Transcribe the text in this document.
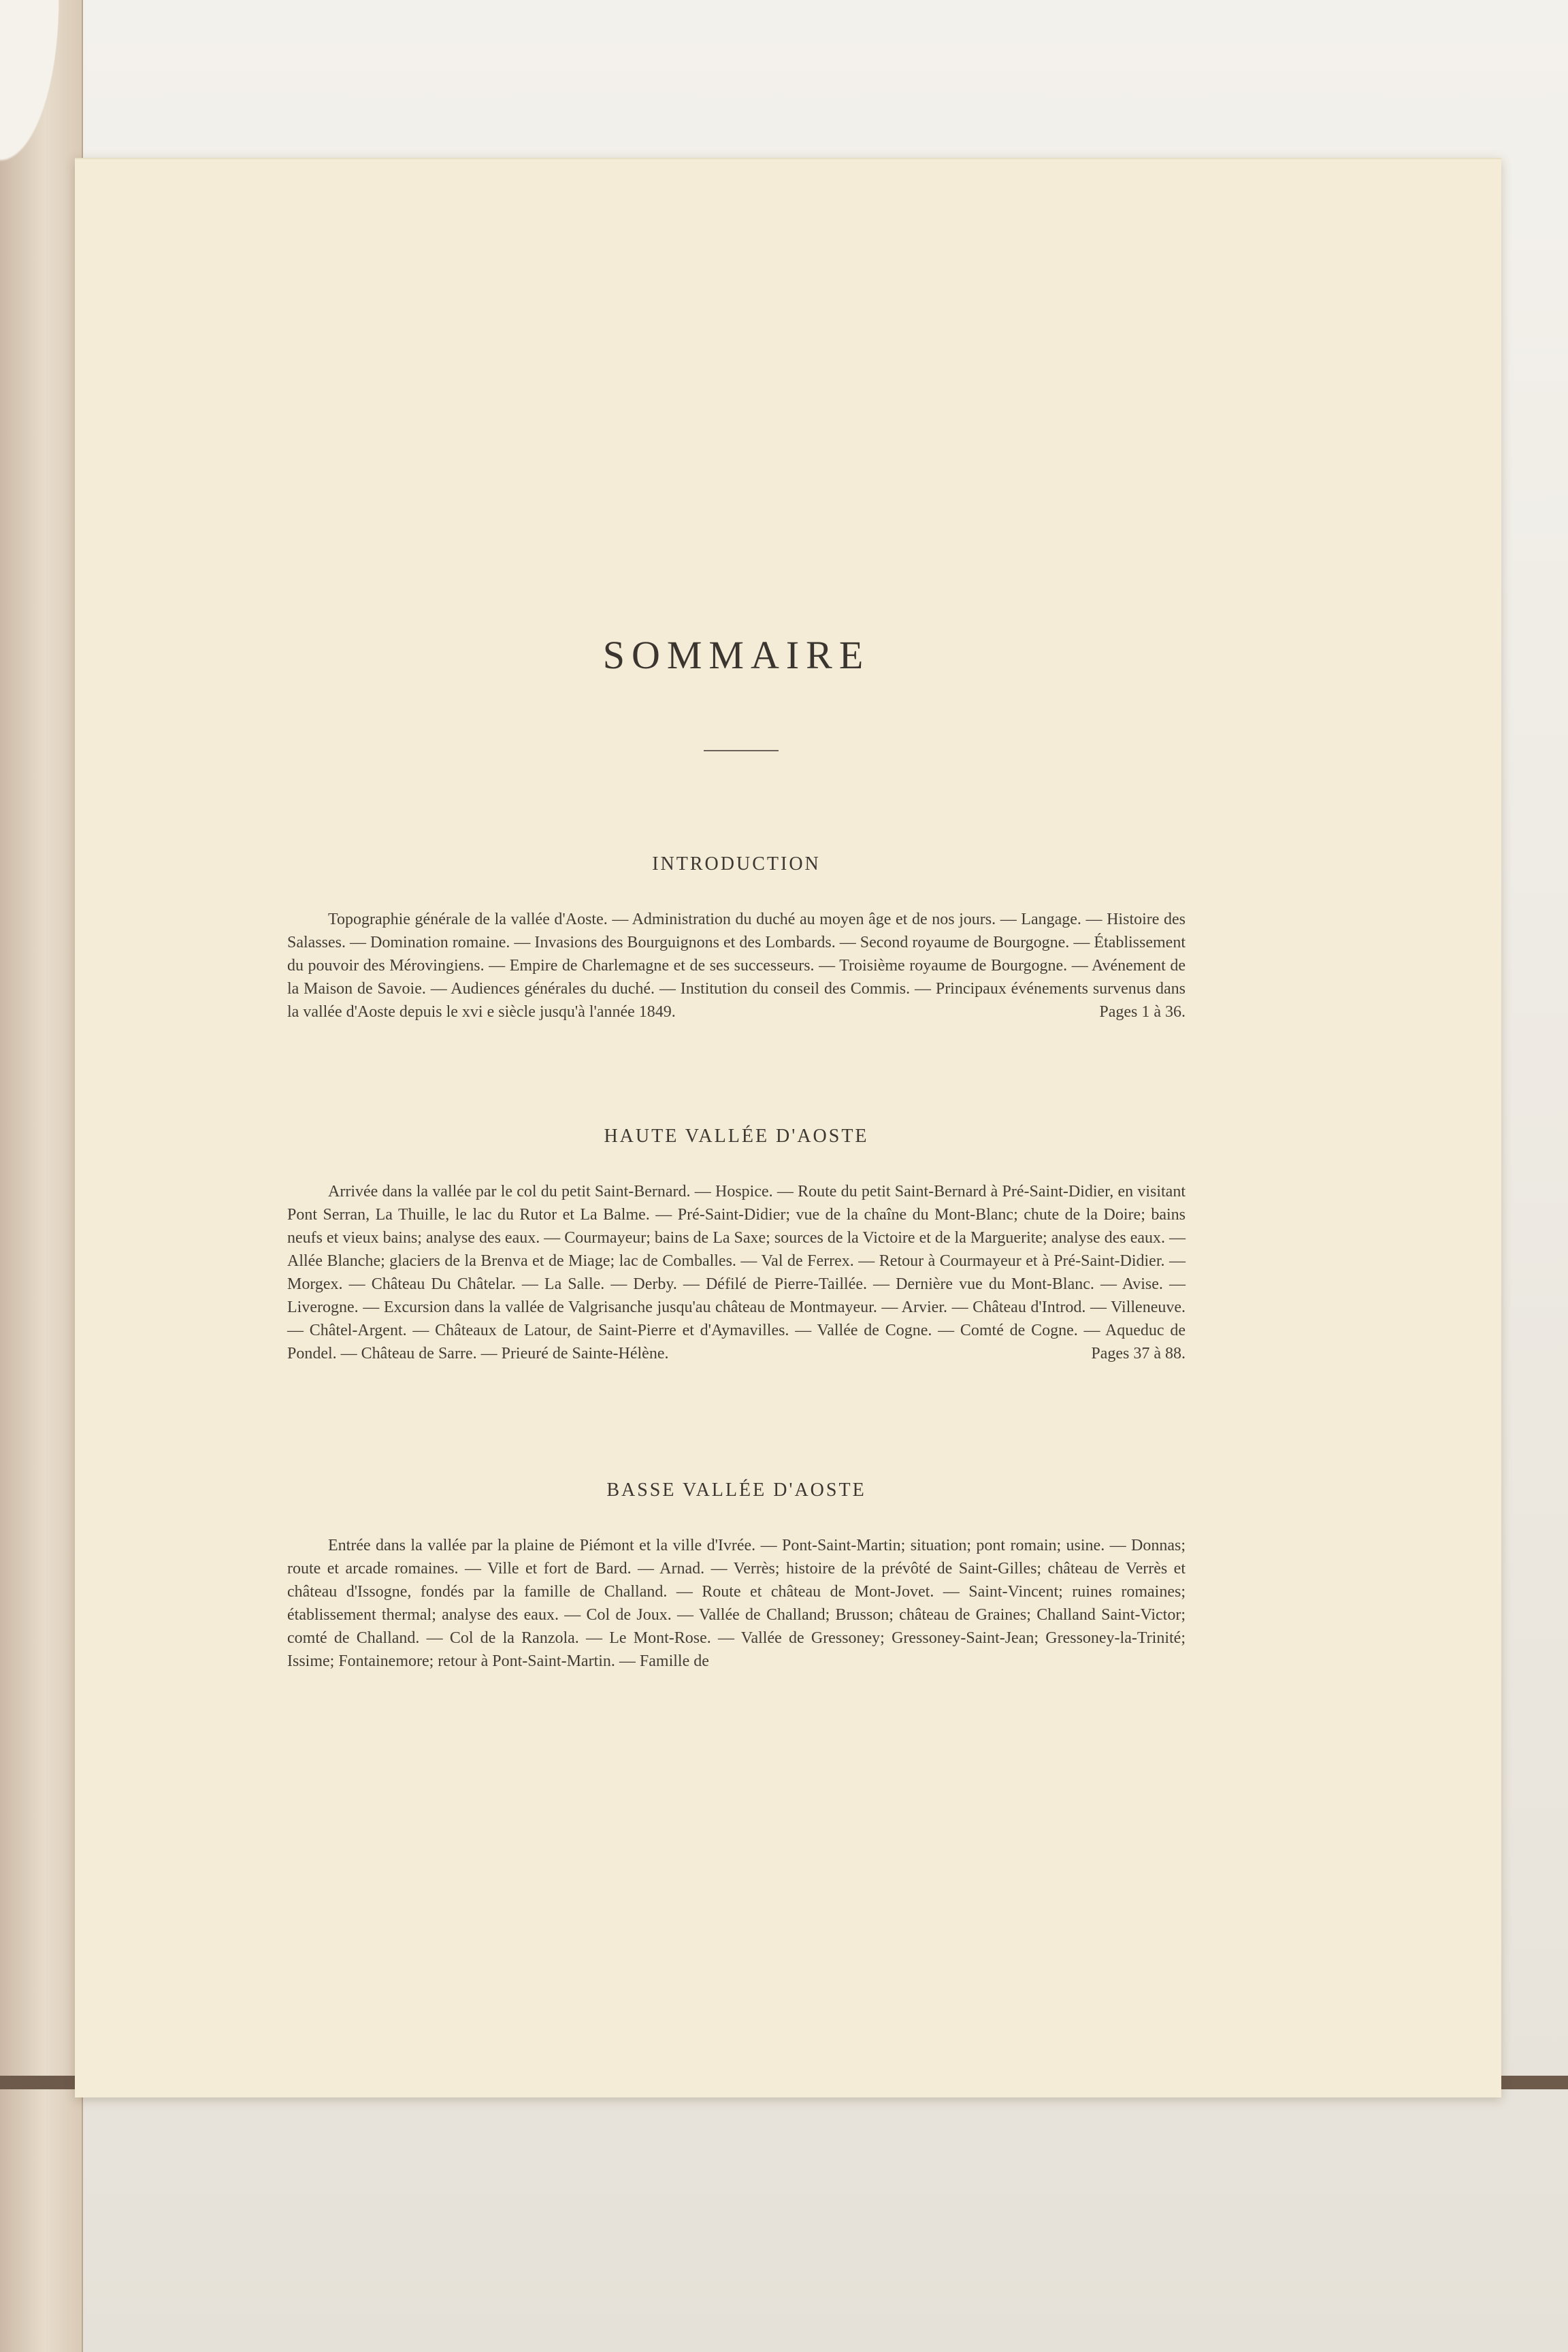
SOMMAIRE
INTRODUCTION

Topographie générale de la vallée d'Aoste. — Administration du duché au moyen âge et de nos jours. — Langage. — Histoire des Salasses. — Domination romaine. — Invasions des Bourguignons et des Lombards. — Second royaume de Bourgogne. — Établissement du pouvoir des Mérovingiens. — Empire de Charlemagne et de ses successeurs. — Troisième royaume de Bourgogne. — Avénement de la Maison de Savoie. — Audiences générales du duché. — Institution du conseil des Commis. — Principaux événements survenus dans la vallée d'Aoste depuis le xvi e siècle jusqu'à l'année 1849.	Pages 1 à 36.

HAUTE VALLÉE D'AOSTE

Arrivée dans la vallée par le col du petit Saint-Bernard. — Hospice. — Route du petit Saint-Bernard à Pré-Saint-Didier, en visitant Pont Serran, La Thuille, le lac du Rutor et La Balme. — Pré-Saint-Didier; vue de la chaîne du Mont-Blanc; chute de la Doire; bains neufs et vieux bains; analyse des eaux. — Courmayeur; bains de La Saxe; sources de la Victoire et de la Marguerite; analyse des eaux. — Allée Blanche; glaciers de la Brenva et de Miage; lac de Comballes. — Val de Ferrex. — Retour à Courmayeur et à Pré-Saint-Didier. — Morgex. — Château Du Châtelar. — La Salle. — Derby. — Défilé de Pierre-Taillée. — Dernière vue du Mont-Blanc. — Avise. — Liverogne. — Excursion dans la vallée de Valgrisanche jusqu'au château de Montmayeur. — Arvier. — Château d'Introd. — Villeneuve. — Châtel-Argent. — Châteaux de Latour, de Saint-Pierre et d'Aymavilles. — Vallée de Cogne. — Comté de Cogne. — Aqueduc de Pondel. — Château de Sarre. — Prieuré de Sainte-Hélène.	Pages 37 à 88.

BASSE VALLÉE D'AOSTE

Entrée dans la vallée par la plaine de Piémont et la ville d'Ivrée. — Pont-Saint-Martin; situation; pont romain; usine. — Donnas; route et arcade romaines. — Ville et fort de Bard. — Arnad. — Verrès; histoire de la prévôté de Saint-Gilles; château de Verrès et château d'Issogne, fondés par la famille de Challand. — Route et château de Mont-Jovet. — Saint-Vincent; ruines romaines; établissement thermal; analyse des eaux. — Col de Joux. — Vallée de Challand; Brusson; château de Graines; Challand Saint-Victor; comté de Challand. — Col de la Ranzola. — Le Mont-Rose. — Vallée de Gressoney; Gressoney-Saint-Jean; Gressoney-la-Trinité; Issime; Fontainemore; retour à Pont-Saint-Martin. — Famille de
